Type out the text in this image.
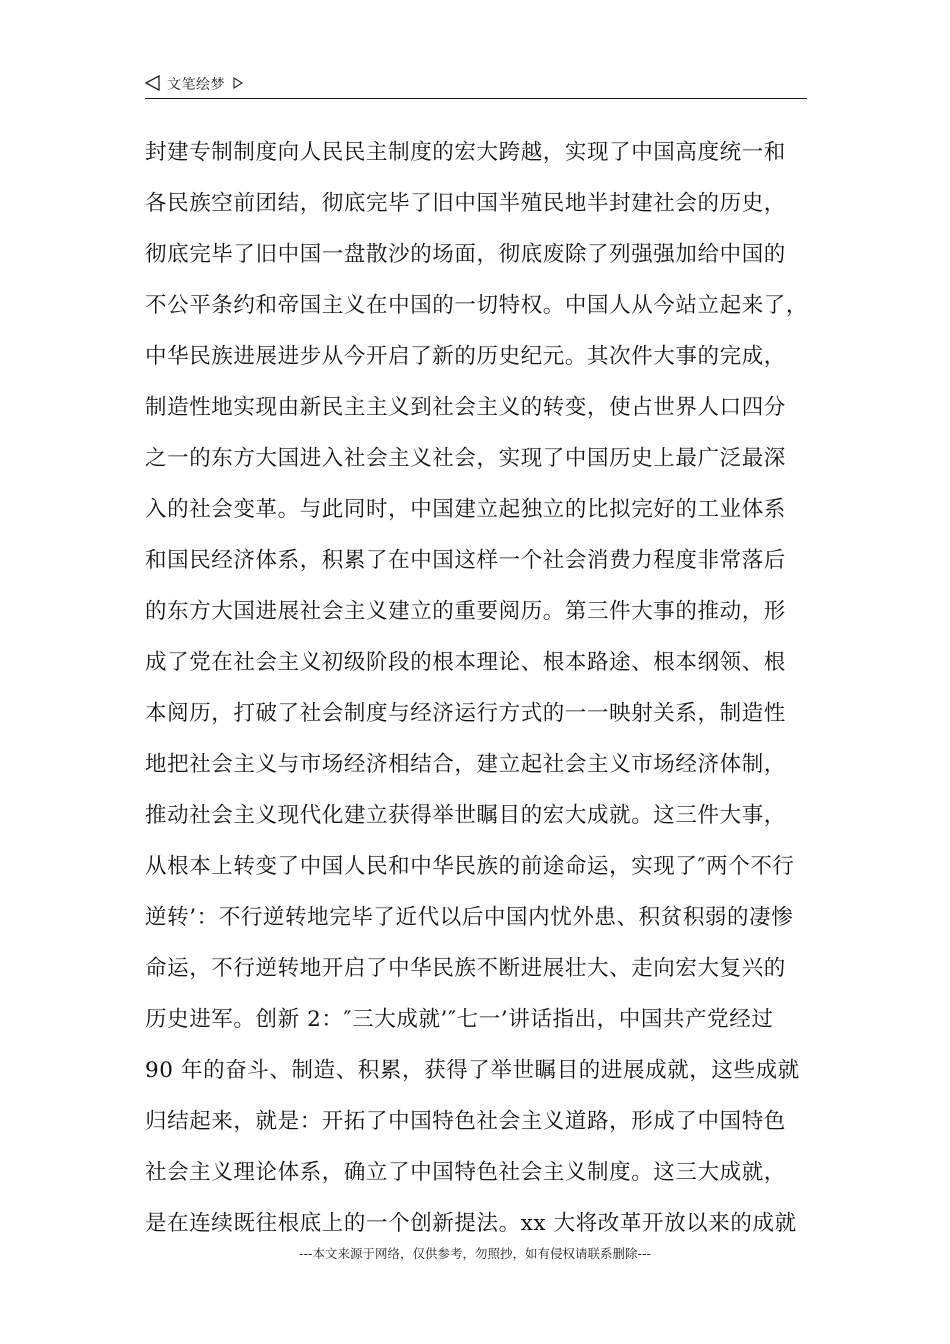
文笔绘梦
封建专制制度向人民民主制度的宏大跨越，实现了中国高度统一和
各民族空前团结，彻底完毕了旧中国半殖民地半封建社会的历史，
彻底完毕了旧中国一盘散沙的场面，彻底废除了列强强加给中国的
不公平条约和帝国主义在中国的一切特权。中国人从今站立起来了，
中华民族进展进步从今开启了新的历史纪元。其次件大事的完成，
制造性地实现由新民主主义到社会主义的转变，使占世界人口四分
之一的东方大国进入社会主义社会，实现了中国历史上最广泛最深
入的社会变革。与此同时，中国建立起独立的比拟完好的工业体系
和国民经济体系，积累了在中国这样一个社会消费力程度非常落后
的东方大国进展社会主义建立的重要阅历。第三件大事的推动，形
成了党在社会主义初级阶段的根本理论、根本路途、根本纲领、根
本阅历，打破了社会制度与经济运行方式的一一映射关系，制造性
地把社会主义与市场经济相结合，建立起社会主义市场经济体制，
推动社会主义现代化建立获得举世瞩目的宏大成就。这三件大事，
从根本上转变了中国人民和中华民族的前途命运，实现了″两个不行
逆转’：不行逆转地完毕了近代以后中国内忧外患、积贫积弱的凄惨
命运，不行逆转地开启了中华民族不断进展壮大、走向宏大复兴的
历史进军。创新 2：″三大成就’″七一’讲话指出，中国共产党经过
90 年的奋斗、制造、积累，获得了举世瞩目的进展成就，这些成就
归结起来，就是：开拓了中国特色社会主义道路，形成了中国特色
社会主义理论体系，确立了中国特色社会主义制度。这三大成就，
是在连续既往根底上的一个创新提法。xx 大将改革开放以来的成就
---本文来源于网络，仅供参考，勿照抄，如有侵权请联系删除---
